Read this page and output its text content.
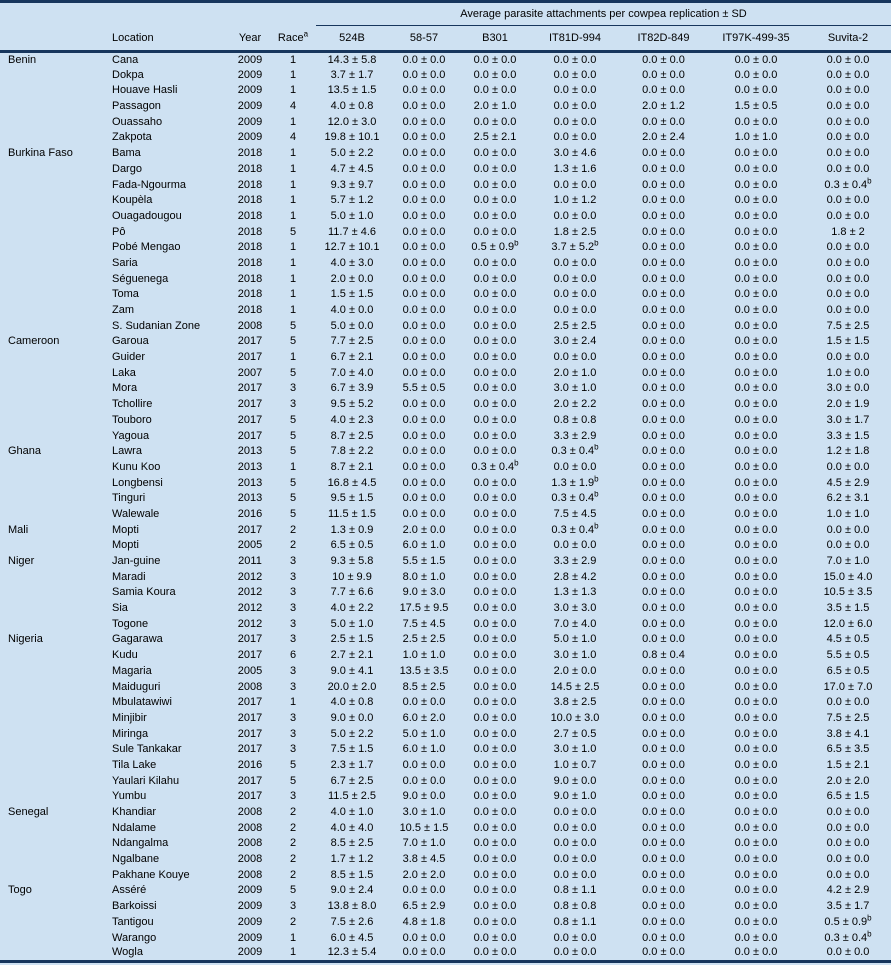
				Average parasite attachments per cowpea replication ± SD						
	Location	Year	Race$^a$	524B	58-57	B301	IT81D-994	IT82D-849	IT97K-499-35	Suvita-2
Benin	Cana	2009	1	14.3 ± 5.8	0.0 ± 0.0	0.0 ± 0.0	0.0 ± 0.0	0.0 ± 0.0	0.0 ± 0.0	0.0 ± 0.0
	Dokpa	2009	1	3.7 ± 1.7	0.0 ± 0.0	0.0 ± 0.0	0.0 ± 0.0	0.0 ± 0.0	0.0 ± 0.0	0.0 ± 0.0
	Houave Hasli	2009	1	13.5 ± 1.5	0.0 ± 0.0	0.0 ± 0.0	0.0 ± 0.0	0.0 ± 0.0	0.0 ± 0.0	0.0 ± 0.0
	Passagon	2009	4	4.0 ± 0.8	0.0 ± 0.0	2.0 ± 1.0	0.0 ± 0.0	2.0 ± 1.2	1.5 ± 0.5	0.0 ± 0.0
	Ouassaho	2009	1	12.0 ± 3.0	0.0 ± 0.0	0.0 ± 0.0	0.0 ± 0.0	0.0 ± 0.0	0.0 ± 0.0	0.0 ± 0.0
	Zakpota	2009	4	19.8 ± 10.1	0.0 ± 0.0	2.5 ± 2.1	0.0 ± 0.0	2.0 ± 2.4	1.0 ± 1.0	0.0 ± 0.0
Burkina Faso	Bama	2018	1	5.0 ± 2.2	0.0 ± 0.0	0.0 ± 0.0	3.0 ± 4.6	0.0 ± 0.0	0.0 ± 0.0	0.0 ± 0.0
	Dargo	2018	1	4.7 ± 4.5	0.0 ± 0.0	0.0 ± 0.0	1.3 ± 1.6	0.0 ± 0.0	0.0 ± 0.0	0.0 ± 0.0
	Fada-Ngourma	2018	1	9.3 ± 9.7	0.0 ± 0.0	0.0 ± 0.0	0.0 ± 0.0	0.0 ± 0.0	0.0 ± 0.0	0.3 ± 0.4$^b$
	Koupèla	2018	1	5.7 ± 1.2	0.0 ± 0.0	0.0 ± 0.0	1.0 ± 1.2	0.0 ± 0.0	0.0 ± 0.0	0.0 ± 0.0
	Ouagadougou	2018	1	5.0 ± 1.0	0.0 ± 0.0	0.0 ± 0.0	0.0 ± 0.0	0.0 ± 0.0	0.0 ± 0.0	0.0 ± 0.0
	Pô	2018	5	11.7 ± 4.6	0.0 ± 0.0	0.0 ± 0.0	1.8 ± 2.5	0.0 ± 0.0	0.0 ± 0.0	1.8 ± 2
	Pobé Mengao	2018	1	12.7 ± 10.1	0.0 ± 0.0	0.5 ± 0.9$^b$	3.7 ± 5.2$^b$	0.0 ± 0.0	0.0 ± 0.0	0.0 ± 0.0
	Saria	2018	1	4.0 ± 3.0	0.0 ± 0.0	0.0 ± 0.0	0.0 ± 0.0	0.0 ± 0.0	0.0 ± 0.0	0.0 ± 0.0
	Séguenega	2018	1	2.0 ± 0.0	0.0 ± 0.0	0.0 ± 0.0	0.0 ± 0.0	0.0 ± 0.0	0.0 ± 0.0	0.0 ± 0.0
	Toma	2018	1	1.5 ± 1.5	0.0 ± 0.0	0.0 ± 0.0	0.0 ± 0.0	0.0 ± 0.0	0.0 ± 0.0	0.0 ± 0.0
	Zam	2018	1	4.0 ± 0.0	0.0 ± 0.0	0.0 ± 0.0	0.0 ± 0.0	0.0 ± 0.0	0.0 ± 0.0	0.0 ± 0.0
	S. Sudanian Zone	2008	5	5.0 ± 0.0	0.0 ± 0.0	0.0 ± 0.0	2.5 ± 2.5	0.0 ± 0.0	0.0 ± 0.0	7.5 ± 2.5
Cameroon	Garoua	2017	5	7.7 ± 2.5	0.0 ± 0.0	0.0 ± 0.0	3.0 ± 2.4	0.0 ± 0.0	0.0 ± 0.0	1.5 ± 1.5
	Guider	2017	1	6.7 ± 2.1	0.0 ± 0.0	0.0 ± 0.0	0.0 ± 0.0	0.0 ± 0.0	0.0 ± 0.0	0.0 ± 0.0
	Laka	2007	5	7.0 ± 4.0	0.0 ± 0.0	0.0 ± 0.0	2.0 ± 1.0	0.0 ± 0.0	0.0 ± 0.0	1.0 ± 0.0
	Mora	2017	3	6.7 ± 3.9	5.5 ± 0.5	0.0 ± 0.0	3.0 ± 1.0	0.0 ± 0.0	0.0 ± 0.0	3.0 ± 0.0
	Tchollire	2017	3	9.5 ± 5.2	0.0 ± 0.0	0.0 ± 0.0	2.0 ± 2.2	0.0 ± 0.0	0.0 ± 0.0	2.0 ± 1.9
	Touboro	2017	5	4.0 ± 2.3	0.0 ± 0.0	0.0 ± 0.0	0.8 ± 0.8	0.0 ± 0.0	0.0 ± 0.0	3.0 ± 1.7
	Yagoua	2017	5	8.7 ± 2.5	0.0 ± 0.0	0.0 ± 0.0	3.3 ± 2.9	0.0 ± 0.0	0.0 ± 0.0	3.3 ± 1.5
Ghana	Lawra	2013	5	7.8 ± 2.2	0.0 ± 0.0	0.0 ± 0.0	0.3 ± 0.4$^b$	0.0 ± 0.0	0.0 ± 0.0	1.2 ± 1.8
	Kunu Koo	2013	1	8.7 ± 2.1	0.0 ± 0.0	0.3 ± 0.4$^b$	0.0 ± 0.0	0.0 ± 0.0	0.0 ± 0.0	0.0 ± 0.0
	Longbensi	2013	5	16.8 ± 4.5	0.0 ± 0.0	0.0 ± 0.0	1.3 ± 1.9$^b$	0.0 ± 0.0	0.0 ± 0.0	4.5 ± 2.9
	Tinguri	2013	5	9.5 ± 1.5	0.0 ± 0.0	0.0 ± 0.0	0.3 ± 0.4$^b$	0.0 ± 0.0	0.0 ± 0.0	6.2 ± 3.1
	Walewale	2016	5	11.5 ± 1.5	0.0 ± 0.0	0.0 ± 0.0	7.5 ± 4.5	0.0 ± 0.0	0.0 ± 0.0	1.0 ± 1.0
Mali	Mopti	2017	2	1.3 ± 0.9	2.0 ± 0.0	0.0 ± 0.0	0.3 ± 0.4$^b$	0.0 ± 0.0	0.0 ± 0.0	0.0 ± 0.0
	Mopti	2005	2	6.5 ± 0.5	6.0 ± 1.0	0.0 ± 0.0	0.0 ± 0.0	0.0 ± 0.0	0.0 ± 0.0	0.0 ± 0.0
Niger	Jan-guine	2011	3	9.3 ± 5.8	5.5 ± 1.5	0.0 ± 0.0	3.3 ± 2.9	0.0 ± 0.0	0.0 ± 0.0	7.0 ± 1.0
	Maradi	2012	3	10 ± 9.9	8.0 ± 1.0	0.0 ± 0.0	2.8 ± 4.2	0.0 ± 0.0	0.0 ± 0.0	15.0 ± 4.0
	Samia Koura	2012	3	7.7 ± 6.6	9.0 ± 3.0	0.0 ± 0.0	1.3 ± 1.3	0.0 ± 0.0	0.0 ± 0.0	10.5 ± 3.5
	Sia	2012	3	4.0 ± 2.2	17.5 ± 9.5	0.0 ± 0.0	3.0 ± 3.0	0.0 ± 0.0	0.0 ± 0.0	3.5 ± 1.5
	Togone	2012	3	5.0 ± 1.0	7.5 ± 4.5	0.0 ± 0.0	7.0 ± 4.0	0.0 ± 0.0	0.0 ± 0.0	12.0 ± 6.0
Nigeria	Gagarawa	2017	3	2.5 ± 1.5	2.5 ± 2.5	0.0 ± 0.0	5.0 ± 1.0	0.0 ± 0.0	0.0 ± 0.0	4.5 ± 0.5
	Kudu	2017	6	2.7 ± 2.1	1.0 ± 1.0	0.0 ± 0.0	3.0 ± 1.0	0.8 ± 0.4	0.0 ± 0.0	5.5 ± 0.5
	Magaria	2005	3	9.0 ± 4.1	13.5 ± 3.5	0.0 ± 0.0	2.0 ± 0.0	0.0 ± 0.0	0.0 ± 0.0	6.5 ± 0.5
	Maiduguri	2008	3	20.0 ± 2.0	8.5 ± 2.5	0.0 ± 0.0	14.5 ± 2.5	0.0 ± 0.0	0.0 ± 0.0	17.0 ± 7.0
	Mbulatawiwi	2017	1	4.0 ± 0.8	0.0 ± 0.0	0.0 ± 0.0	3.8 ± 2.5	0.0 ± 0.0	0.0 ± 0.0	0.0 ± 0.0
	Minjibir	2017	3	9.0 ± 0.0	6.0 ± 2.0	0.0 ± 0.0	10.0 ± 3.0	0.0 ± 0.0	0.0 ± 0.0	7.5 ± 2.5
	Miringa	2017	3	5.0 ± 2.2	5.0 ± 1.0	0.0 ± 0.0	2.7 ± 0.5	0.0 ± 0.0	0.0 ± 0.0	3.8 ± 4.1
	Sule Tankakar	2017	3	7.5 ± 1.5	6.0 ± 1.0	0.0 ± 0.0	3.0 ± 1.0	0.0 ± 0.0	0.0 ± 0.0	6.5 ± 3.5
	Tila Lake	2016	5	2.3 ± 1.7	0.0 ± 0.0	0.0 ± 0.0	1.0 ± 0.7	0.0 ± 0.0	0.0 ± 0.0	1.5 ± 2.1
	Yaulari Kilahu	2017	5	6.7 ± 2.5	0.0 ± 0.0	0.0 ± 0.0	9.0 ± 0.0	0.0 ± 0.0	0.0 ± 0.0	2.0 ± 2.0
	Yumbu	2017	3	11.5 ± 2.5	9.0 ± 0.0	0.0 ± 0.0	9.0 ± 1.0	0.0 ± 0.0	0.0 ± 0.0	6.5 ± 1.5
Senegal	Khandiar	2008	2	4.0 ± 1.0	3.0 ± 1.0	0.0 ± 0.0	0.0 ± 0.0	0.0 ± 0.0	0.0 ± 0.0	0.0 ± 0.0
	Ndalame	2008	2	4.0 ± 4.0	10.5 ± 1.5	0.0 ± 0.0	0.0 ± 0.0	0.0 ± 0.0	0.0 ± 0.0	0.0 ± 0.0
	Ndangalma	2008	2	8.5 ± 2.5	7.0 ± 1.0	0.0 ± 0.0	0.0 ± 0.0	0.0 ± 0.0	0.0 ± 0.0	0.0 ± 0.0
	Ngalbane	2008	2	1.7 ± 1.2	3.8 ± 4.5	0.0 ± 0.0	0.0 ± 0.0	0.0 ± 0.0	0.0 ± 0.0	0.0 ± 0.0
	Pakhane Kouye	2008	2	8.5 ± 1.5	2.0 ± 2.0	0.0 ± 0.0	0.0 ± 0.0	0.0 ± 0.0	0.0 ± 0.0	0.0 ± 0.0
Togo	Asséré	2009	5	9.0 ± 2.4	0.0 ± 0.0	0.0 ± 0.0	0.8 ± 1.1	0.0 ± 0.0	0.0 ± 0.0	4.2 ± 2.9
	Barkoissi	2009	3	13.8 ± 8.0	6.5 ± 2.9	0.0 ± 0.0	0.8 ± 0.8	0.0 ± 0.0	0.0 ± 0.0	3.5 ± 1.7
	Tantigou	2009	2	7.5 ± 2.6	4.8 ± 1.8	0.0 ± 0.0	0.8 ± 1.1	0.0 ± 0.0	0.0 ± 0.0	0.5 ± 0.9$^b$
	Warango	2009	1	6.0 ± 4.5	0.0 ± 0.0	0.0 ± 0.0	0.0 ± 0.0	0.0 ± 0.0	0.0 ± 0.0	0.3 ± 0.4$^b$
	Wogla	2009	1	12.3 ± 5.4	0.0 ± 0.0	0.0 ± 0.0	0.0 ± 0.0	0.0 ± 0.0	0.0 ± 0.0	0.0 ± 0.0
